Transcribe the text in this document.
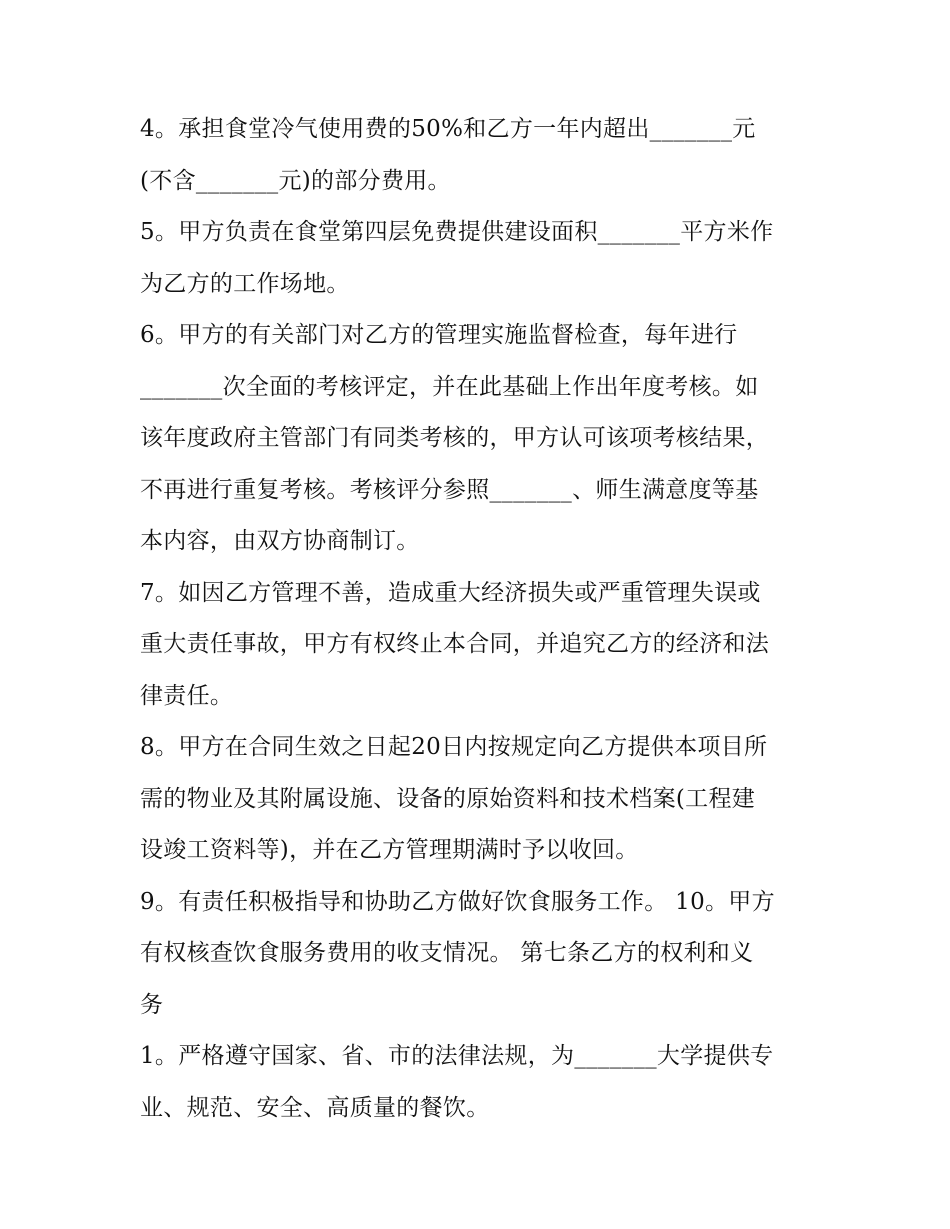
4。承担食堂冷气使用费的50%和乙方一年内超出_______元
(不含_______元)的部分费用。
5。甲方负责在食堂第四层免费提供建设面积_______平方米作
为乙方的工作场地。
6。甲方的有关部门对乙方的管理实施监督检查，每年进行
_______次全面的考核评定，并在此基础上作出年度考核。如
该年度政府主管部门有同类考核的，甲方认可该项考核结果，
不再进行重复考核。考核评分参照_______、师生满意度等基
本内容，由双方协商制订。
7。如因乙方管理不善，造成重大经济损失或严重管理失误或
重大责任事故，甲方有权终止本合同，并追究乙方的经济和法
律责任。
8。甲方在合同生效之日起20日内按规定向乙方提供本项目所
需的物业及其附属设施、设备的原始资料和技术档案(工程建
设竣工资料等)，并在乙方管理期满时予以收回。
9。有责任积极指导和协助乙方做好饮食服务工作。 10。甲方
有权核查饮食服务费用的收支情况。 第七条乙方的权利和义
务
1。严格遵守国家、省、市的法律法规，为_______大学提供专
业、规范、安全、高质量的餐饮。
